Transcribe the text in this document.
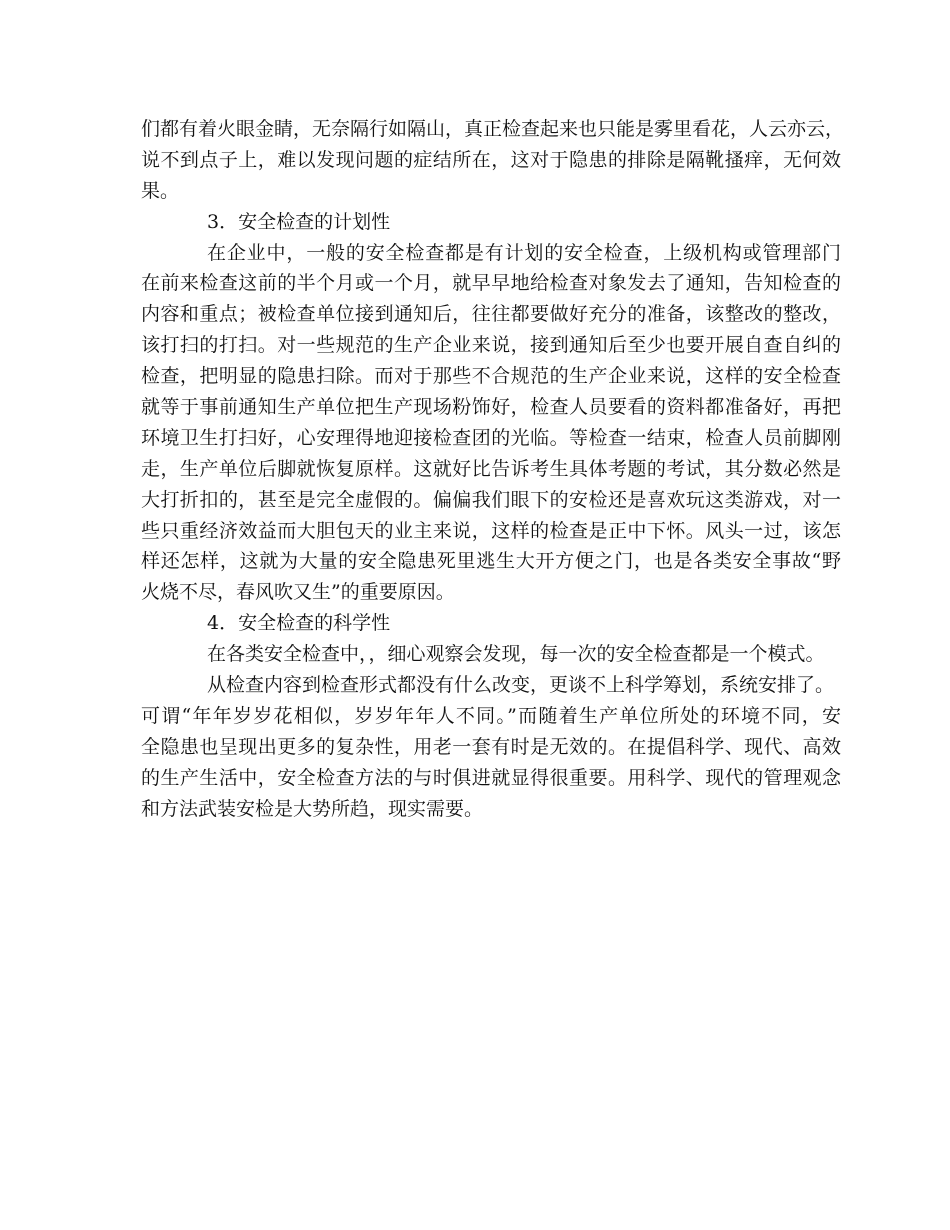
们都有着火眼金睛，无奈隔行如隔山，真正检查起来也只能是雾里看花，人云亦云，
说不到点子上，难以发现问题的症结所在，这对于隐患的排除是隔靴搔痒，无何效
果。
3．安全检查的计划性
在企业中，一般的安全检查都是有计划的安全检查，上级机构或管理部门
在前来检查这前的半个月或一个月，就早早地给检查对象发去了通知，告知检查的
内容和重点；被检查单位接到通知后，往往都要做好充分的准备，该整改的整改，
该打扫的打扫。对一些规范的生产企业来说，接到通知后至少也要开展自查自纠的
检查，把明显的隐患扫除。而对于那些不合规范的生产企业来说，这样的安全检查
就等于事前通知生产单位把生产现场粉饰好，检查人员要看的资料都准备好，再把
环境卫生打扫好，心安理得地迎接检查团的光临。等检查一结束，检查人员前脚刚
走，生产单位后脚就恢复原样。这就好比告诉考生具体考题的考试，其分数必然是
大打折扣的，甚至是完全虚假的。偏偏我们眼下的安检还是喜欢玩这类游戏，对一
些只重经济效益而大胆包天的业主来说，这样的检查是正中下怀。风头一过，该怎
样还怎样，这就为大量的安全隐患死里逃生大开方便之门，也是各类安全事故“野
火烧不尽，春风吹又生”的重要原因。
4．安全检查的科学性
在各类安全检查中，，细心观察会发现，每一次的安全检查都是一个模式。
从检查内容到检查形式都没有什么改变，更谈不上科学筹划，系统安排了。
可谓“年年岁岁花相似，岁岁年年人不同。”而随着生产单位所处的环境不同，安
全隐患也呈现出更多的复杂性，用老一套有时是无效的。在提倡科学、现代、高效
的生产生活中，安全检查方法的与时俱进就显得很重要。用科学、现代的管理观念
和方法武装安检是大势所趋，现实需要。
